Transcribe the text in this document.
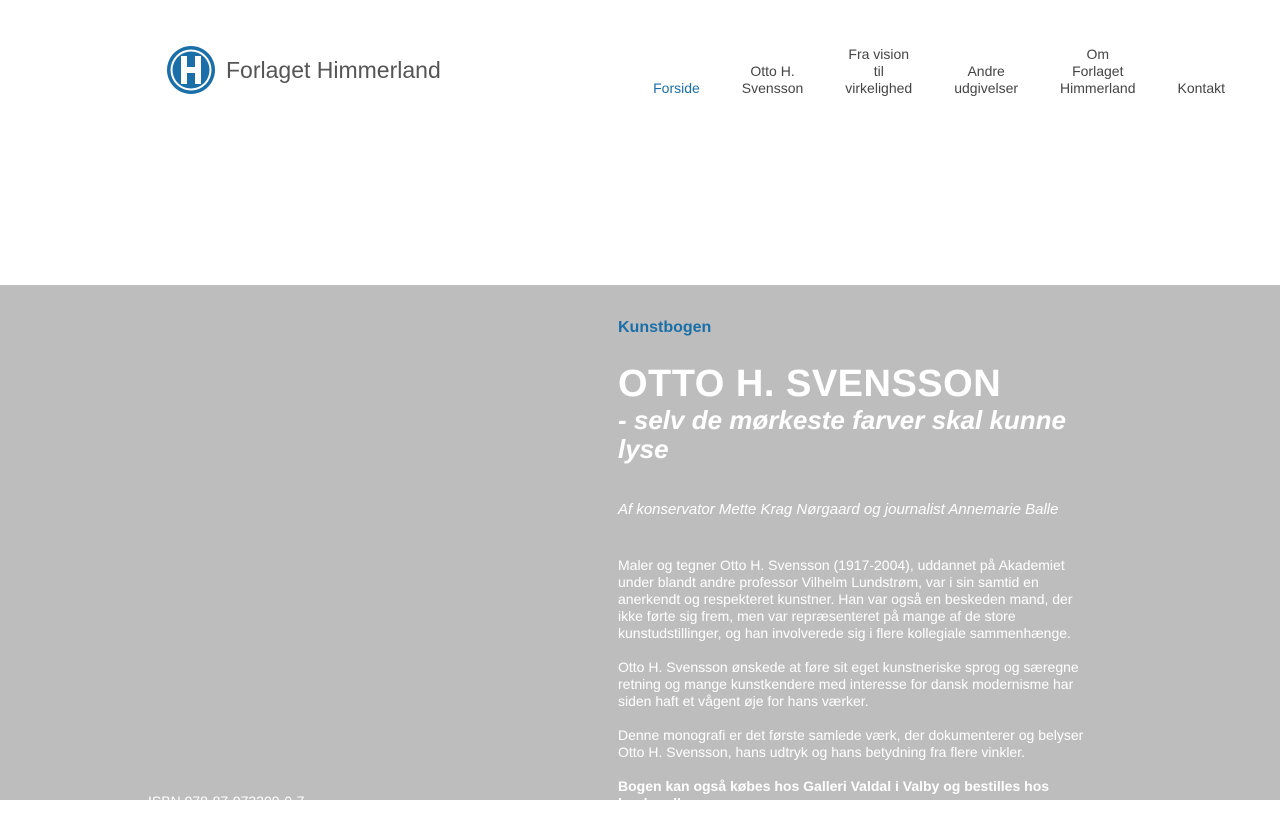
Forlaget Himmerland
Forside
Otto H.
Svensson
Fra vision
til
virkelighed
Andre
udgivelser
Om
Forlaget
Himmerland	Kontakt
ISBN 978-87-973209-0-7

Kunstbogen

OTTO H. SVENSSON
- selv de mørkeste farver skal kunne lyse

Af konservator Mette Krag Nørgaard og journalist Annemarie Balle

Maler og tegner Otto H. Svensson (1917-2004), uddannet på Akademiet under blandt andre professor Vilhelm Lundstrøm, var i sin samtid en anerkendt og respekteret kunstner. Han var også en beskeden mand, der ikke førte sig frem, men var repræsenteret på mange af de store kunstudstillinger, og han involverede sig i flere kollegiale sammenhænge.

Otto H. Svensson ønskede at føre sit eget kunstneriske sprog og særegne retning og mange kunstkendere med interesse for dansk modernisme har siden haft et vågent øje for hans værker.

Denne monografi er det første samlede værk, der dokumenterer og belyser Otto H. Svensson, hans udtryk og hans betydning fra flere vinkler.

Bogen kan også købes hos Galleri Valdal i Valby og bestilles hos boghandlerne.
